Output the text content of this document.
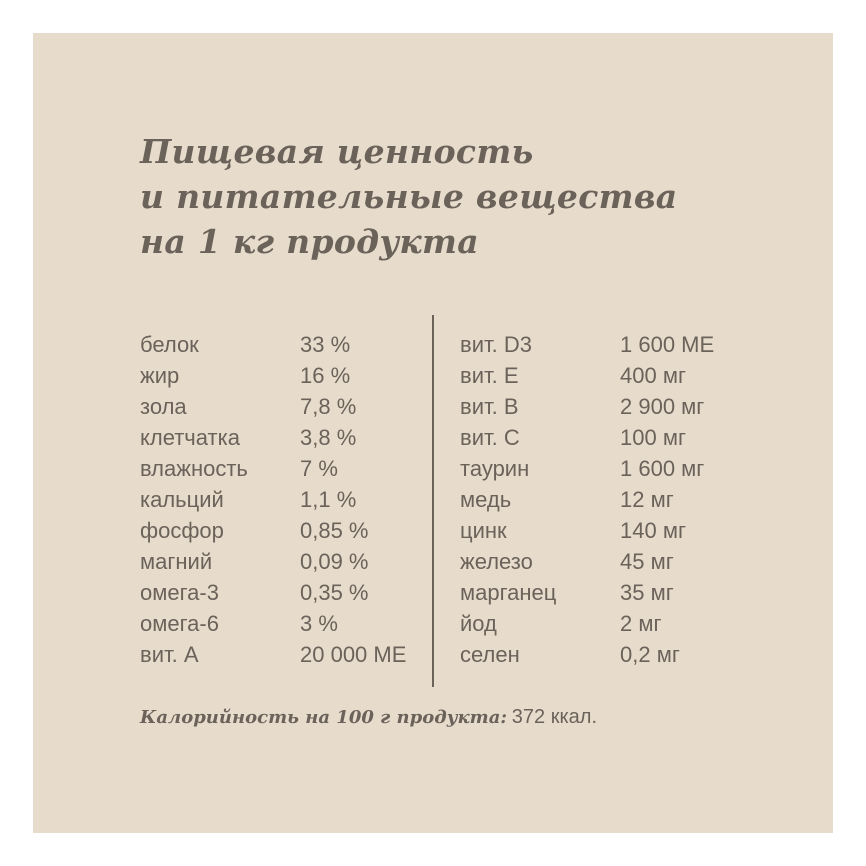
Пищевая ценность
и питательные вещества
на 1 кг продукта
белок	33 %
жир	16 %
зола	7,8 %
клетчатка	3,8 %
влажность 7 %
кальций	1,1 %
фосфор	0,85 %
магний	0,09 %
омега-3	0,35 %
омега-6	3 %
вит. А	20 000 МЕ
вит. D3	1 600 МЕ
вит. Е	400 мг
вит. В	2 900 мг
вит. С	100 мг
таурин	1 600 мг
медь	12 мг
цинк	140 мг
железо	45 мг
марганец	35 мг
йод	2 мг
селен	0,2 мг
Калорийность на 100 г продукта: 372 ккал.
